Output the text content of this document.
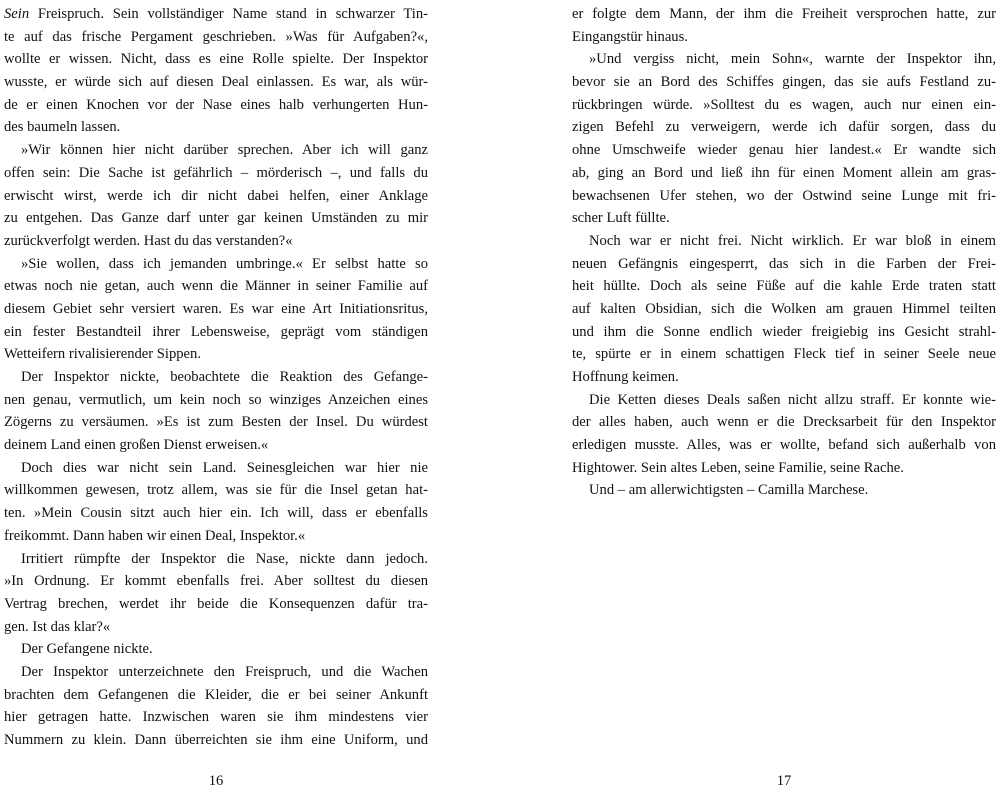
Sein Freispruch. Sein vollständiger Name stand in schwarzer Tin-
te auf das frische Pergament geschrieben. »Was für Aufgaben?«,
wollte er wissen. Nicht, dass es eine Rolle spielte. Der Inspektor
wusste, er würde sich auf diesen Deal einlassen. Es war, als wür-
de er einen Knochen vor der Nase eines halb verhungerten Hun-
des baumeln lassen.
»Wir können hier nicht darüber sprechen. Aber ich will ganz
offen sein: Die Sache ist gefährlich – mörderisch –, und falls du
erwischt wirst, werde ich dir nicht dabei helfen, einer Anklage
zu entgehen. Das Ganze darf unter gar keinen Umständen zu mir
zurückverfolgt werden. Hast du das verstanden?«
»Sie wollen, dass ich jemanden umbringe.« Er selbst hatte so
etwas noch nie getan, auch wenn die Männer in seiner Familie auf
diesem Gebiet sehr versiert waren. Es war eine Art Initiationsritus,
ein fester Bestandteil ihrer Lebensweise, geprägt vom ständigen
Wetteifern rivalisierender Sippen.
Der Inspektor nickte, beobachtete die Reaktion des Gefange-
nen genau, vermutlich, um kein noch so winziges Anzeichen eines
Zögerns zu versäumen. »Es ist zum Besten der Insel. Du würdest
deinem Land einen großen Dienst erweisen.«
Doch dies war nicht sein Land. Seinesgleichen war hier nie
willkommen gewesen, trotz allem, was sie für die Insel getan hat-
ten. »Mein Cousin sitzt auch hier ein. Ich will, dass er ebenfalls
freikommt. Dann haben wir einen Deal, Inspektor.«
Irritiert rümpfte der Inspektor die Nase, nickte dann jedoch.
»In Ordnung. Er kommt ebenfalls frei. Aber solltest du diesen
Vertrag brechen, werdet ihr beide die Konsequenzen dafür tra-
gen. Ist das klar?«
Der Gefangene nickte.
Der Inspektor unterzeichnete den Freispruch, und die Wachen
brachten dem Gefangenen die Kleider, die er bei seiner Ankunft
hier getragen hatte. Inzwischen waren sie ihm mindestens vier
Nummern zu klein. Dann überreichten sie ihm eine Uniform, und
16
er folgte dem Mann, der ihm die Freiheit versprochen hatte, zur
Eingangstür hinaus.
»Und vergiss nicht, mein Sohn«, warnte der Inspektor ihn,
bevor sie an Bord des Schiffes gingen, das sie aufs Festland zu-
rückbringen würde. »Solltest du es wagen, auch nur einen ein-
zigen Befehl zu verweigern, werde ich dafür sorgen, dass du
ohne Umschweife wieder genau hier landest.« Er wandte sich
ab, ging an Bord und ließ ihn für einen Moment allein am gras-
bewachsenen Ufer stehen, wo der Ostwind seine Lunge mit fri-
scher Luft füllte.
Noch war er nicht frei. Nicht wirklich. Er war bloß in einem
neuen Gefängnis eingesperrt, das sich in die Farben der Frei-
heit hüllte. Doch als seine Füße auf die kahle Erde traten statt
auf kalten Obsidian, sich die Wolken am grauen Himmel teilten
und ihm die Sonne endlich wieder freigiebig ins Gesicht strahl-
te, spürte er in einem schattigen Fleck tief in seiner Seele neue
Hoffnung keimen.
Die Ketten dieses Deals saßen nicht allzu straff. Er konnte wie-
der alles haben, auch wenn er die Drecksarbeit für den Inspektor
erledigen musste. Alles, was er wollte, befand sich außerhalb von
Hightower. Sein altes Leben, seine Familie, seine Rache.
Und – am allerwichtigsten – Camilla Marchese.
17
